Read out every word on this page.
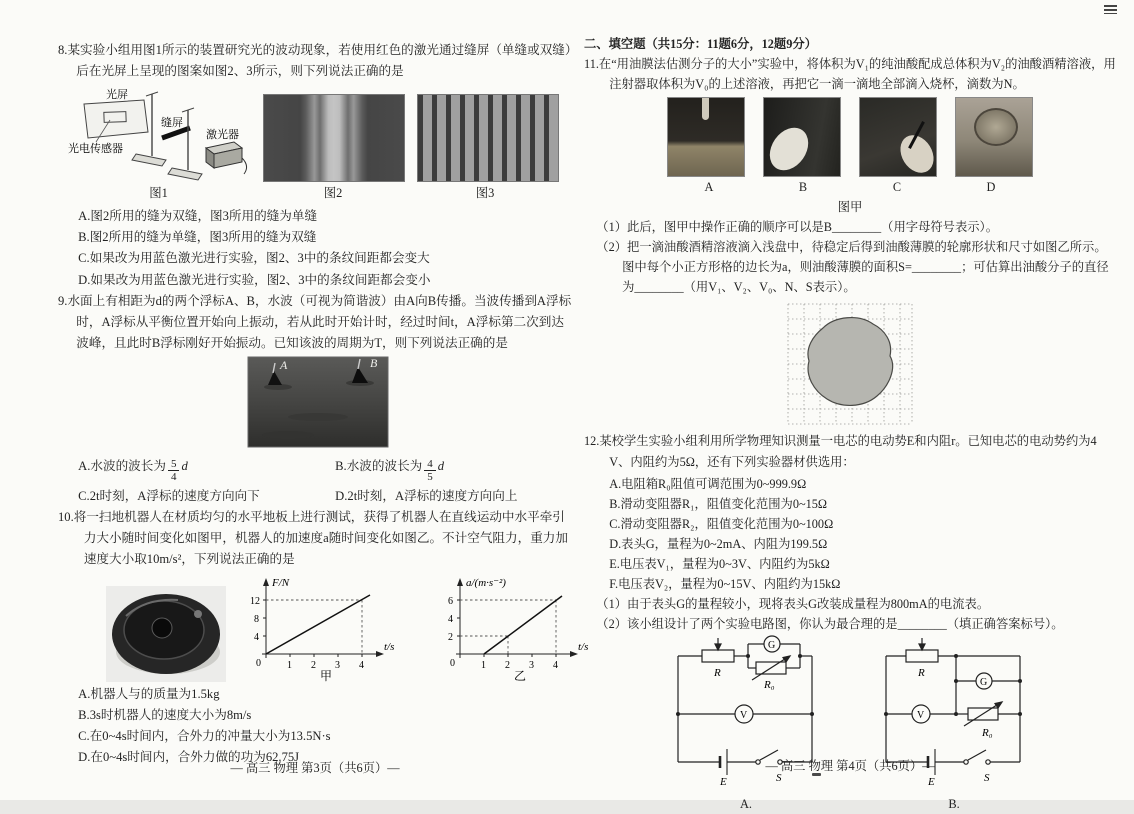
8.某实验小组用图1所示的装置研究光的波动现象，若使用红色的激光通过缝屏（单缝或双缝）后在光屏上呈现的图案如图2、3所示，则下列说法正确的是

光屏
光电传感器
缝屏
激光器
图1	图2	图3

A.图2所用的缝为双缝，图3所用的缝为单缝

B.图2所用的缝为单缝，图3所用的缝为双缝

C.如果改为用蓝色激光进行实验，图2、3中的条纹间距都会变大

D.如果改为用蓝色激光进行实验，图2、3中的条纹间距都会变小

9.水面上有相距为d的两个浮标A、B，水波（可视为简谐波）由A向B传播。当波传播到A浮标时，A浮标从平衡位置开始向上振动，若从此时开始计时，经过时间t，A浮标第二次到达波峰，且此时B浮标刚好开始振动。已知该波的周期为T，则下列说法正确的是

A	B
A.水波的波长为 $\frac{5}{4}$ d	B.水波的波长为 $\frac{4}{5}$ d
C.2t时刻，A浮标的速度方向向下	D.2t时刻，A浮标的速度方向向上

10.将一扫地机器人在材质均匀的水平地板上进行测试，获得了机器人在直线运动中水平牵引力大小随时间变化如图甲，机器人的加速度a随时间变化如图乙。不计空气阻力，重力加速度大小取10m/s²，下列说法正确的是

F/N
t/s
0
12
8
4
1 2 3 4
甲
a/(m·s⁻²)
t/s
0
6
4
2
1 2 3 4
乙

A.机器人与的质量为1.5kg

B.3s时机器人的速度大小为8m/s

C.在0~4s时间内，合外力的冲量大小为13.5N·s

D.在0~4s时间内，合外力做的功为62.75J

— 高三 物理 第3页（共6页）—

二、填空题（共15分：11题6分，12题9分）

11.在“用油膜法估测分子的大小”实验中，将体积为V₁的纯油酸配成总体积为V₂的油酸酒精溶液，用注射器取体积为V₀的上述溶液，再把它一滴一滴地全部滴入烧杯，滴数为N。

A	B	C	D
图甲

（1）此后，图甲中操作正确的顺序可以是B________（用字母符号表示）。

（2）把一滴油酸酒精溶液滴入浅盘中，待稳定后得到油酸薄膜的轮廓形状和尺寸如图乙所示。图中每个小正方形格的边长为a，则油酸薄膜的面积S=________；可估算出油酸分子的直径为________（用V₁、V₂、V₀、N、S表示）。

12.某校学生实验小组利用所学物理知识测量一电芯的电动势E和内阻r。已知电芯的电动势约为4 V、内阻约为5Ω，还有下列实验器材供选用：

A.电阻箱R₀阻值可调范围为0~999.9Ω

B.滑动变阻器R₁，阻值变化范围为0~15Ω

C.滑动变阻器R₂，阻值变化范围为0~100Ω

D.表头G，量程为0~2mA、内阻为199.5Ω

E.电压表V₁，量程为0~3V、内阻约为5kΩ

F.电压表V₂，量程为0~15V、内阻约为15kΩ

（1）由于表头G的量程较小，现将表头G改装成量程为800mA的电流表。

（2）该小组设计了两个实验电路图，你认为最合理的是________（填正确答案标号）。

R
G
R₀
V
E	S
A.
R
G
V
R₀
E	S
B.
— 高三 物理 第4页（共6页）—
